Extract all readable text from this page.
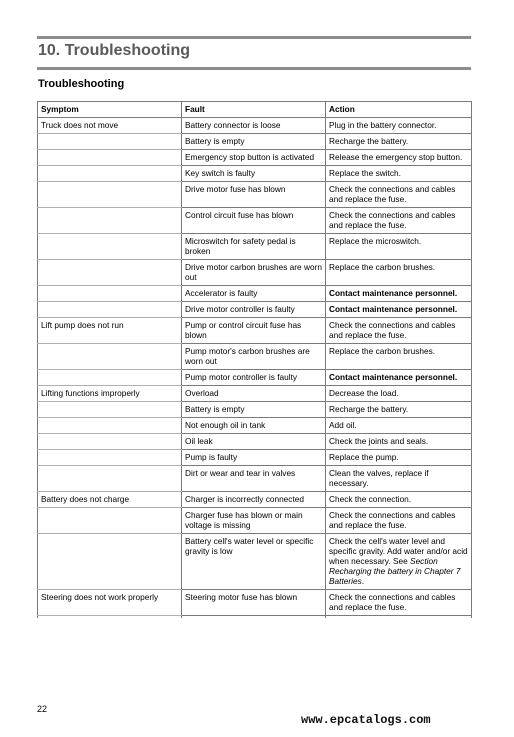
10. Troubleshooting
Troubleshooting
Symptom	Fault	Action
Truck does not move	Battery connector is loose	Plug in the battery connector.
	Battery is empty	Recharge the battery.
	Emergency stop button is activated	Release the emergency stop button.
	Key switch is faulty	Replace the switch.
	Drive motor fuse has blown	Check the connections and cables and replace the fuse.
	Control circuit fuse has blown	Check the connections and cables and replace the fuse.
	Microswitch for safety pedal is broken	Replace the microswitch.
	Drive motor carbon brushes are worn out	Replace the carbon brushes.
	Accelerator is faulty	Contact maintenance personnel.
	Drive motor controller is faulty	Contact maintenance personnel.
Lift pump does not run	Pump or control circuit fuse has blown	Check the connections and cables and replace the fuse.
	Pump motor's carbon brushes are worn out	Replace the carbon brushes.
	Pump motor controller is faulty	Contact maintenance personnel.
Lifting functions improperly	Overload	Decrease the load.
	Battery is empty	Recharge the battery.
	Not enough oil in tank	Add oil.
	Oil leak	Check the joints and seals.
	Pump is faulty	Replace the pump.
	Dirt or wear and tear in valves	Clean the valves, replace if necessary.
Battery does not charge	Charger is incorrectly connected	Check the connection.
	Charger fuse has blown or main voltage is missing	Check the connections and cables and replace the fuse.
	Battery cell's water level or specific gravity is low	Check the cell's water level and specific gravity. Add water and/or acid when necessary. See Section Recharging the battery in Chapter 7 Batteries.
Steering does not work properly	Steering motor fuse has blown	Check the connections and cables and replace the fuse.

22
www.epcatalogs.com
